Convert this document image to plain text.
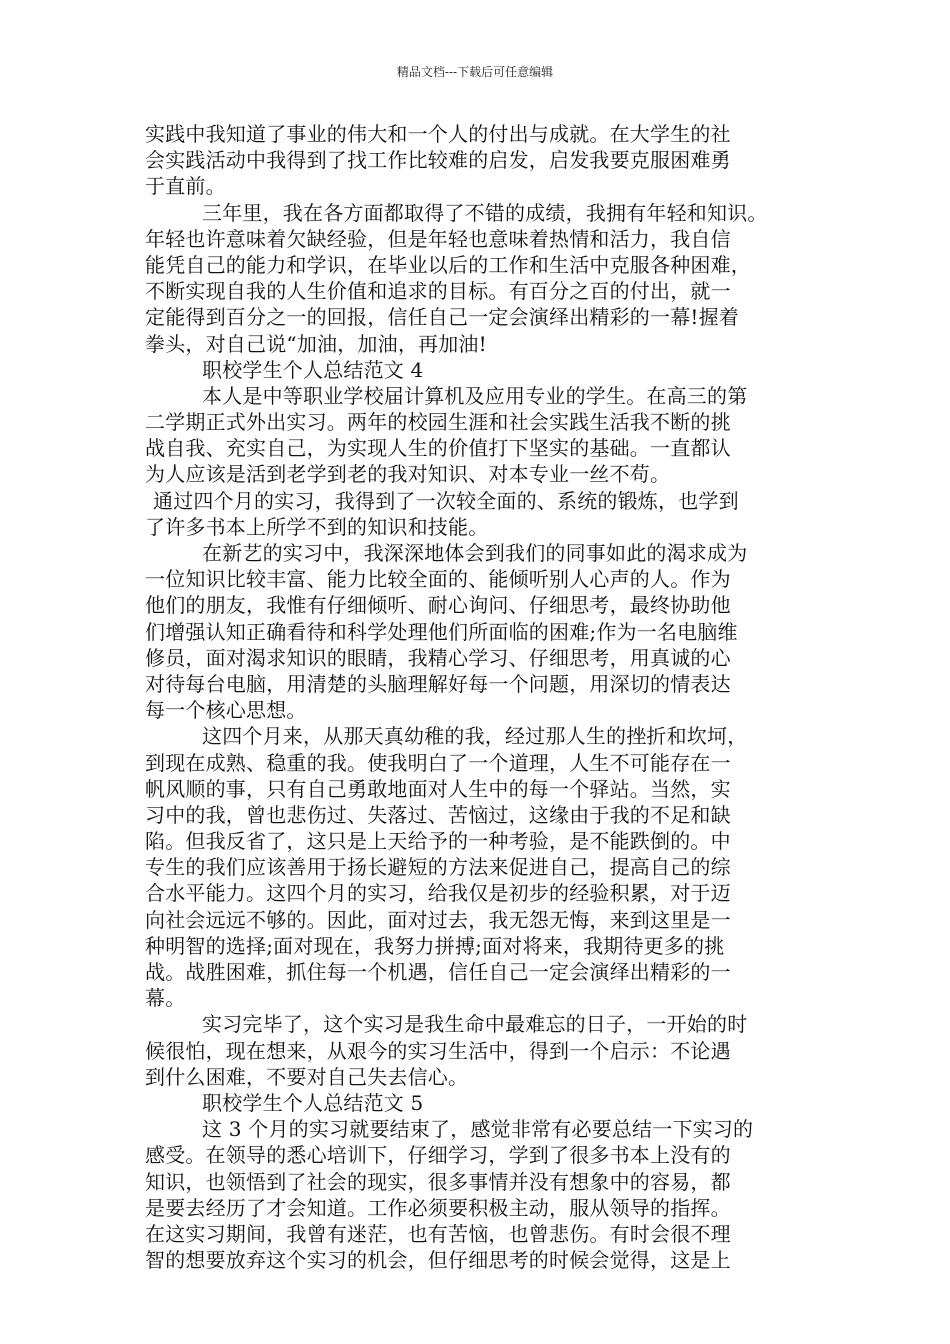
精品文档---下载后可任意编辑
实践中我知道了事业的伟大和一个人的付出与成就。在大学生的社
会实践活动中我得到了找工作比较难的启发，启发我要克服困难勇
于直前。
三年里，我在各方面都取得了不错的成绩，我拥有年轻和知识。
年轻也许意味着欠缺经验，但是年轻也意味着热情和活力，我自信
能凭自己的能力和学识，在毕业以后的工作和生活中克服各种困难，
不断实现自我的人生价值和追求的目标。有百分之百的付出，就一
定能得到百分之一的回报，信任自己一定会演绎出精彩的一幕!握着
拳头，对自己说“加油，加油，再加油!
职校学生个人总结范文 4
本人是中等职业学校届计算机及应用专业的学生。在高三的第
二学期正式外出实习。两年的校园生涯和社会实践生活我不断的挑
战自我、充实自己，为实现人生的价值打下坚实的基础。一直都认
为人应该是活到老学到老的我对知识、对本专业一丝不苟。
通过四个月的实习，我得到了一次较全面的、系统的锻炼，也学到
了许多书本上所学不到的知识和技能。
在新艺的实习中，我深深地体会到我们的同事如此的渴求成为
一位知识比较丰富、能力比较全面的、能倾听别人心声的人。作为
他们的朋友，我惟有仔细倾听、耐心询问、仔细思考，最终协助他
们增强认知正确看待和科学处理他们所面临的困难;作为一名电脑维
修员，面对渴求知识的眼睛，我精心学习、仔细思考，用真诚的心
对待每台电脑，用清楚的头脑理解好每一个问题，用深切的情表达
每一个核心思想。
这四个月来，从那天真幼稚的我，经过那人生的挫折和坎坷，
到现在成熟、稳重的我。使我明白了一个道理，人生不可能存在一
帆风顺的事，只有自己勇敢地面对人生中的每一个驿站。当然，实
习中的我，曾也悲伤过、失落过、苦恼过，这缘由于我的不足和缺
陷。但我反省了，这只是上天给予的一种考验，是不能跌倒的。中
专生的我们应该善用于扬长避短的方法来促进自己，提高自己的综
合水平能力。这四个月的实习，给我仅是初步的经验积累，对于迈
向社会远远不够的。因此，面对过去，我无怨无悔，来到这里是一
种明智的选择;面对现在，我努力拼搏;面对将来，我期待更多的挑
战。战胜困难，抓住每一个机遇，信任自己一定会演绎出精彩的一
幕。
实习完毕了，这个实习是我生命中最难忘的日子，一开始的时
候很怕，现在想来，从艰今的实习生活中，得到一个启示：不论遇
到什么困难，不要对自己失去信心。
职校学生个人总结范文 5
这 3 个月的实习就要结束了，感觉非常有必要总结一下实习的
感受。在领导的悉心培训下，仔细学习，学到了很多书本上没有的
知识，也领悟到了社会的现实，很多事情并没有想象中的容易，都
是要去经历了才会知道。工作必须要积极主动，服从领导的指挥。
在这实习期间，我曾有迷茫，也有苦恼，也曾悲伤。有时会很不理
智的想要放弃这个实习的机会，但仔细思考的时候会觉得，这是上
